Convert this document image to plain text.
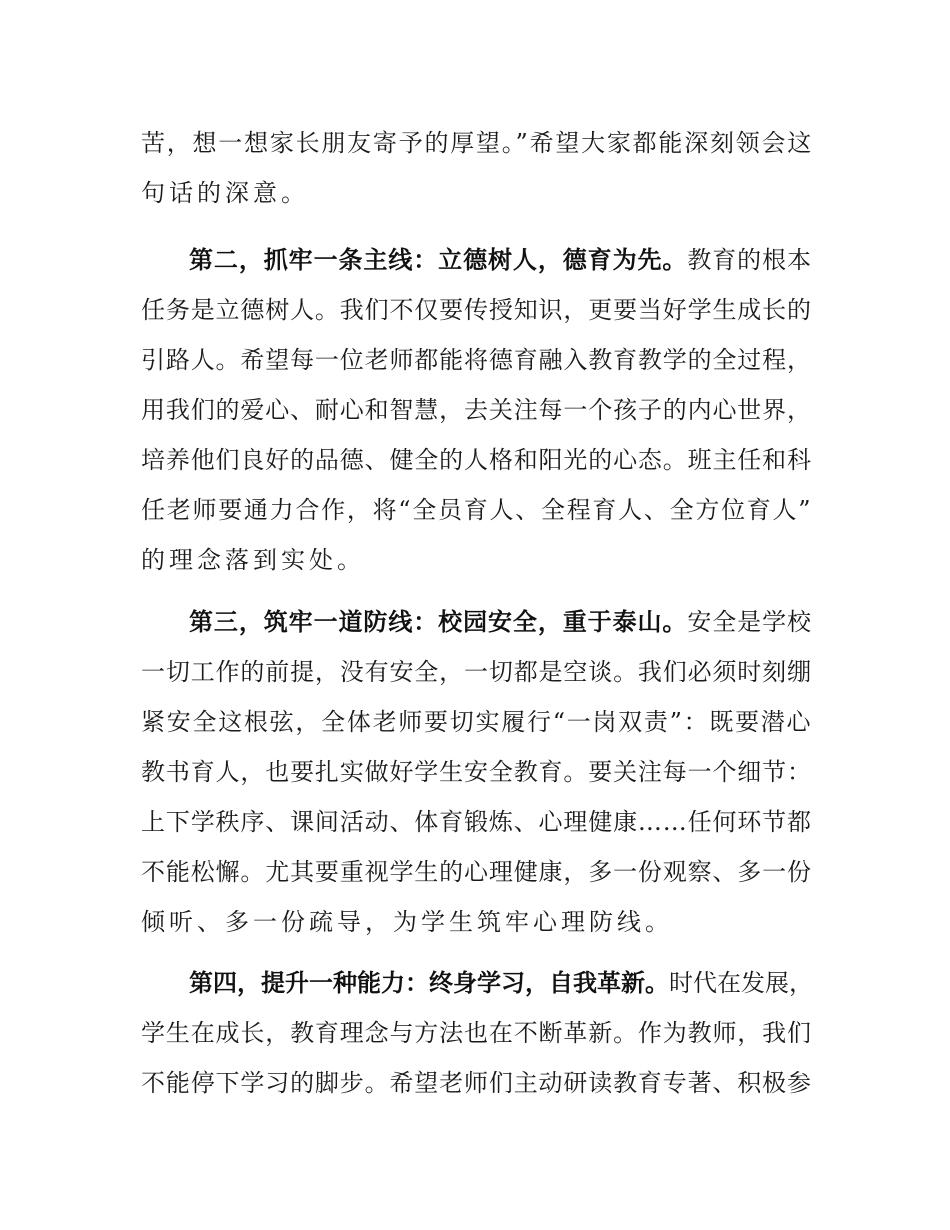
苦，想一想家长朋友寄予的厚望。”希望大家都能深刻领会这
句话的深意。
第二，抓牢一条主线：立德树人，德育为先。 教育的根本
任务是立德树人。我们不仅要传授知识，更要当好学生成长的
引路人。希望每一位老师都能将德育融入教育教学的全过程，
用我们的爱心、耐心和智慧，去关注每一个孩子的内心世界，
培养他们良好的品德、健全的人格和阳光的心态。班主任和科
任老师要通力合作，将“全员育人、全程育人、全方位育人”
的理念落到实处。
第三，筑牢一道防线：校园安全，重于泰山。 安全是学校
一切工作的前提，没有安全，一切都是空谈。我们必须时刻绷
紧安全这根弦，全体老师要切实履行“一岗双责”：既要潜心
教书育人，也要扎实做好学生安全教育。要关注每一个细节：
上下学秩序、课间活动、体育锻炼、心理健康……任何环节都
不能松懈。尤其要重视学生的心理健康，多一份观察、多一份
倾听、多一份疏导，为学生筑牢心理防线。
第四，提升一种能力：终身学习，自我革新。 时代在发展，
学生在成长，教育理念与方法也在不断革新。作为教师，我们
不能停下学习的脚步。希望老师们主动研读教育专著、积极参
